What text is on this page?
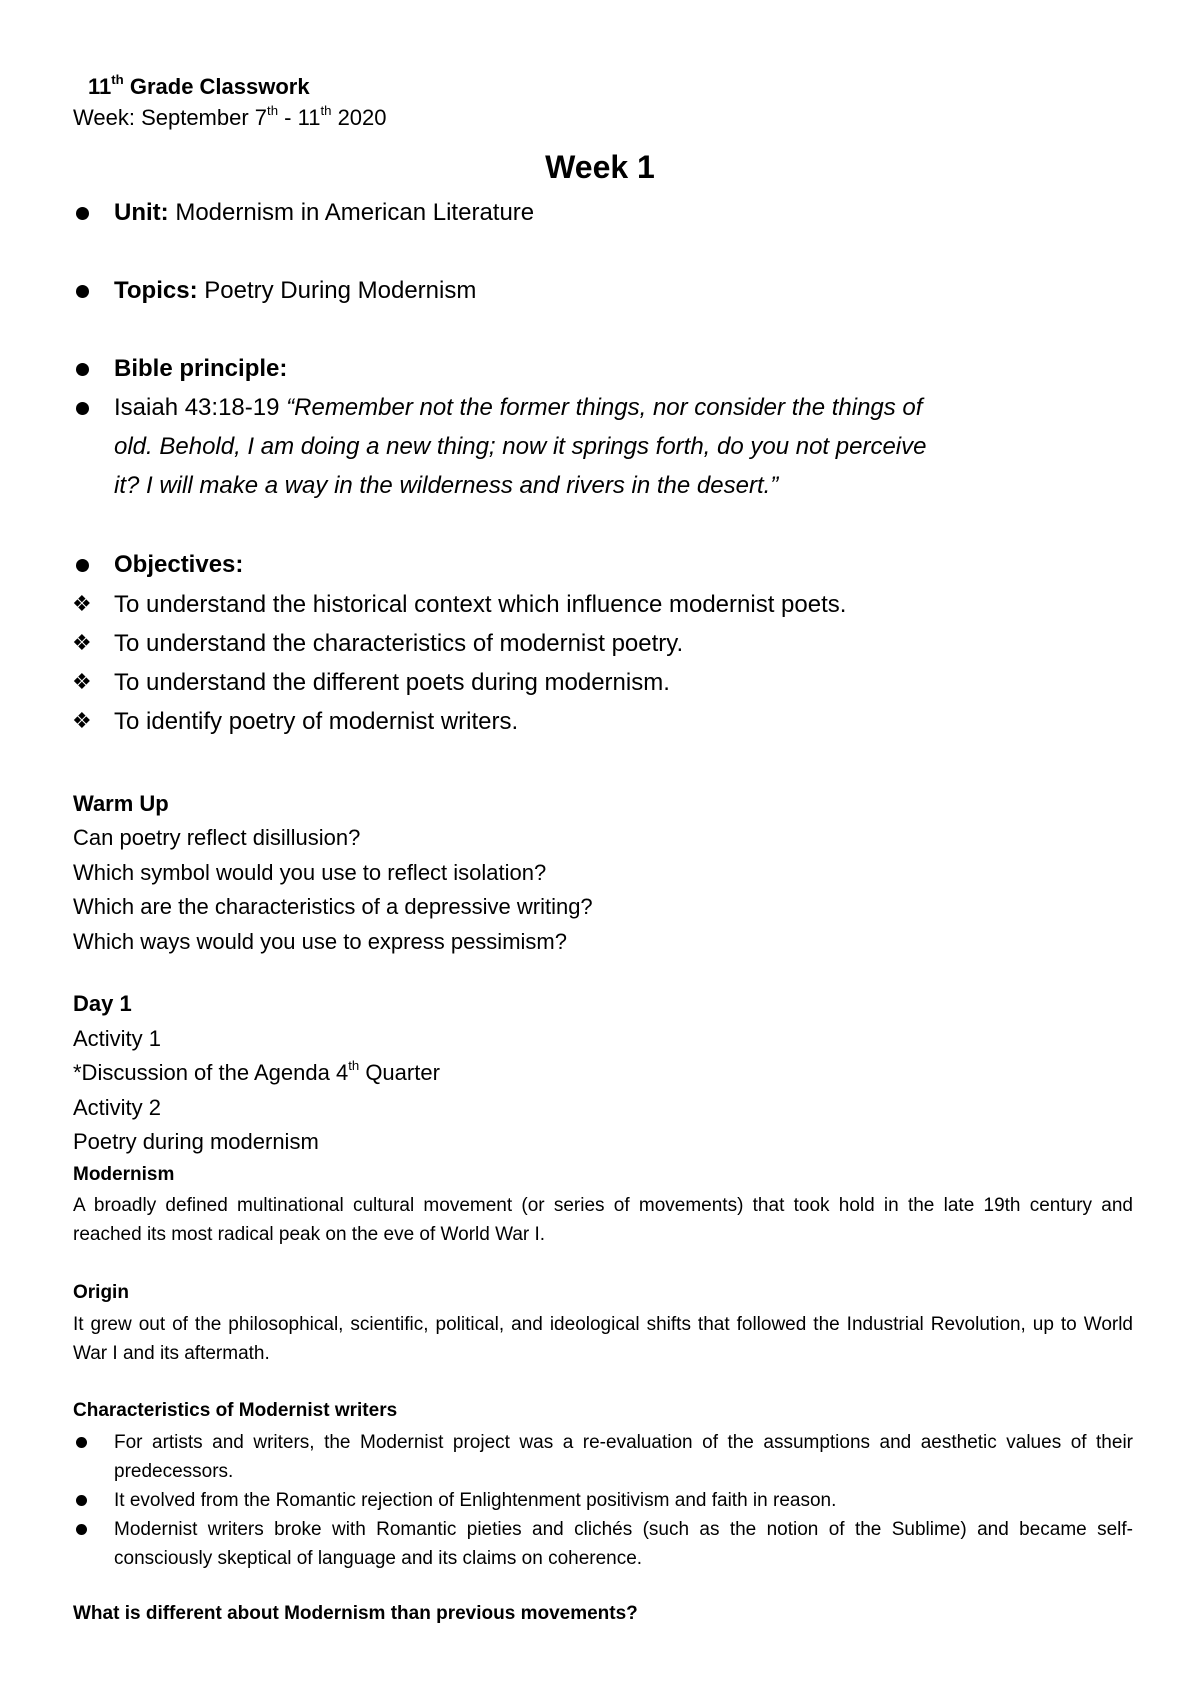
11th Grade Classwork
Week: September 7th - 11th 2020
Week 1
Unit: Modernism in American Literature
Topics: Poetry During Modernism
Bible principle:
Isaiah 43:18-19 “Remember not the former things, nor consider the things of
old. Behold, I am doing a new thing; now it springs forth, do you not perceive
it? I will make a way in the wilderness and rivers in the desert.”
Objectives:
❖ To understand the historical context which influence modernist poets.
❖ To understand the characteristics of modernist poetry.
❖ To understand the different poets during modernism.
❖ To identify poetry of modernist writers.
Warm Up
Can poetry reflect disillusion?
Which symbol would you use to reflect isolation?
Which are the characteristics of a depressive writing?
Which ways would you use to express pessimism?
Day 1
Activity 1
*Discussion of the Agenda 4th Quarter
Activity 2
Poetry during modernism
Modernism
A broadly defined multinational cultural movement (or series of movements) that took hold in the late 19th century and reached its most radical peak on the eve of World War I.
Origin
It grew out of the philosophical, scientific, political, and ideological shifts that followed the Industrial Revolution, up to World War I and its aftermath.
Characteristics of Modernist writers
For artists and writers, the Modernist project was a re-evaluation of the assumptions and aesthetic values of their predecessors.
It evolved from the Romantic rejection of Enlightenment positivism and faith in reason.
Modernist writers broke with Romantic pieties and clichés (such as the notion of the Sublime) and became self-consciously skeptical of language and its claims on coherence.
What is different about Modernism than previous movements?
